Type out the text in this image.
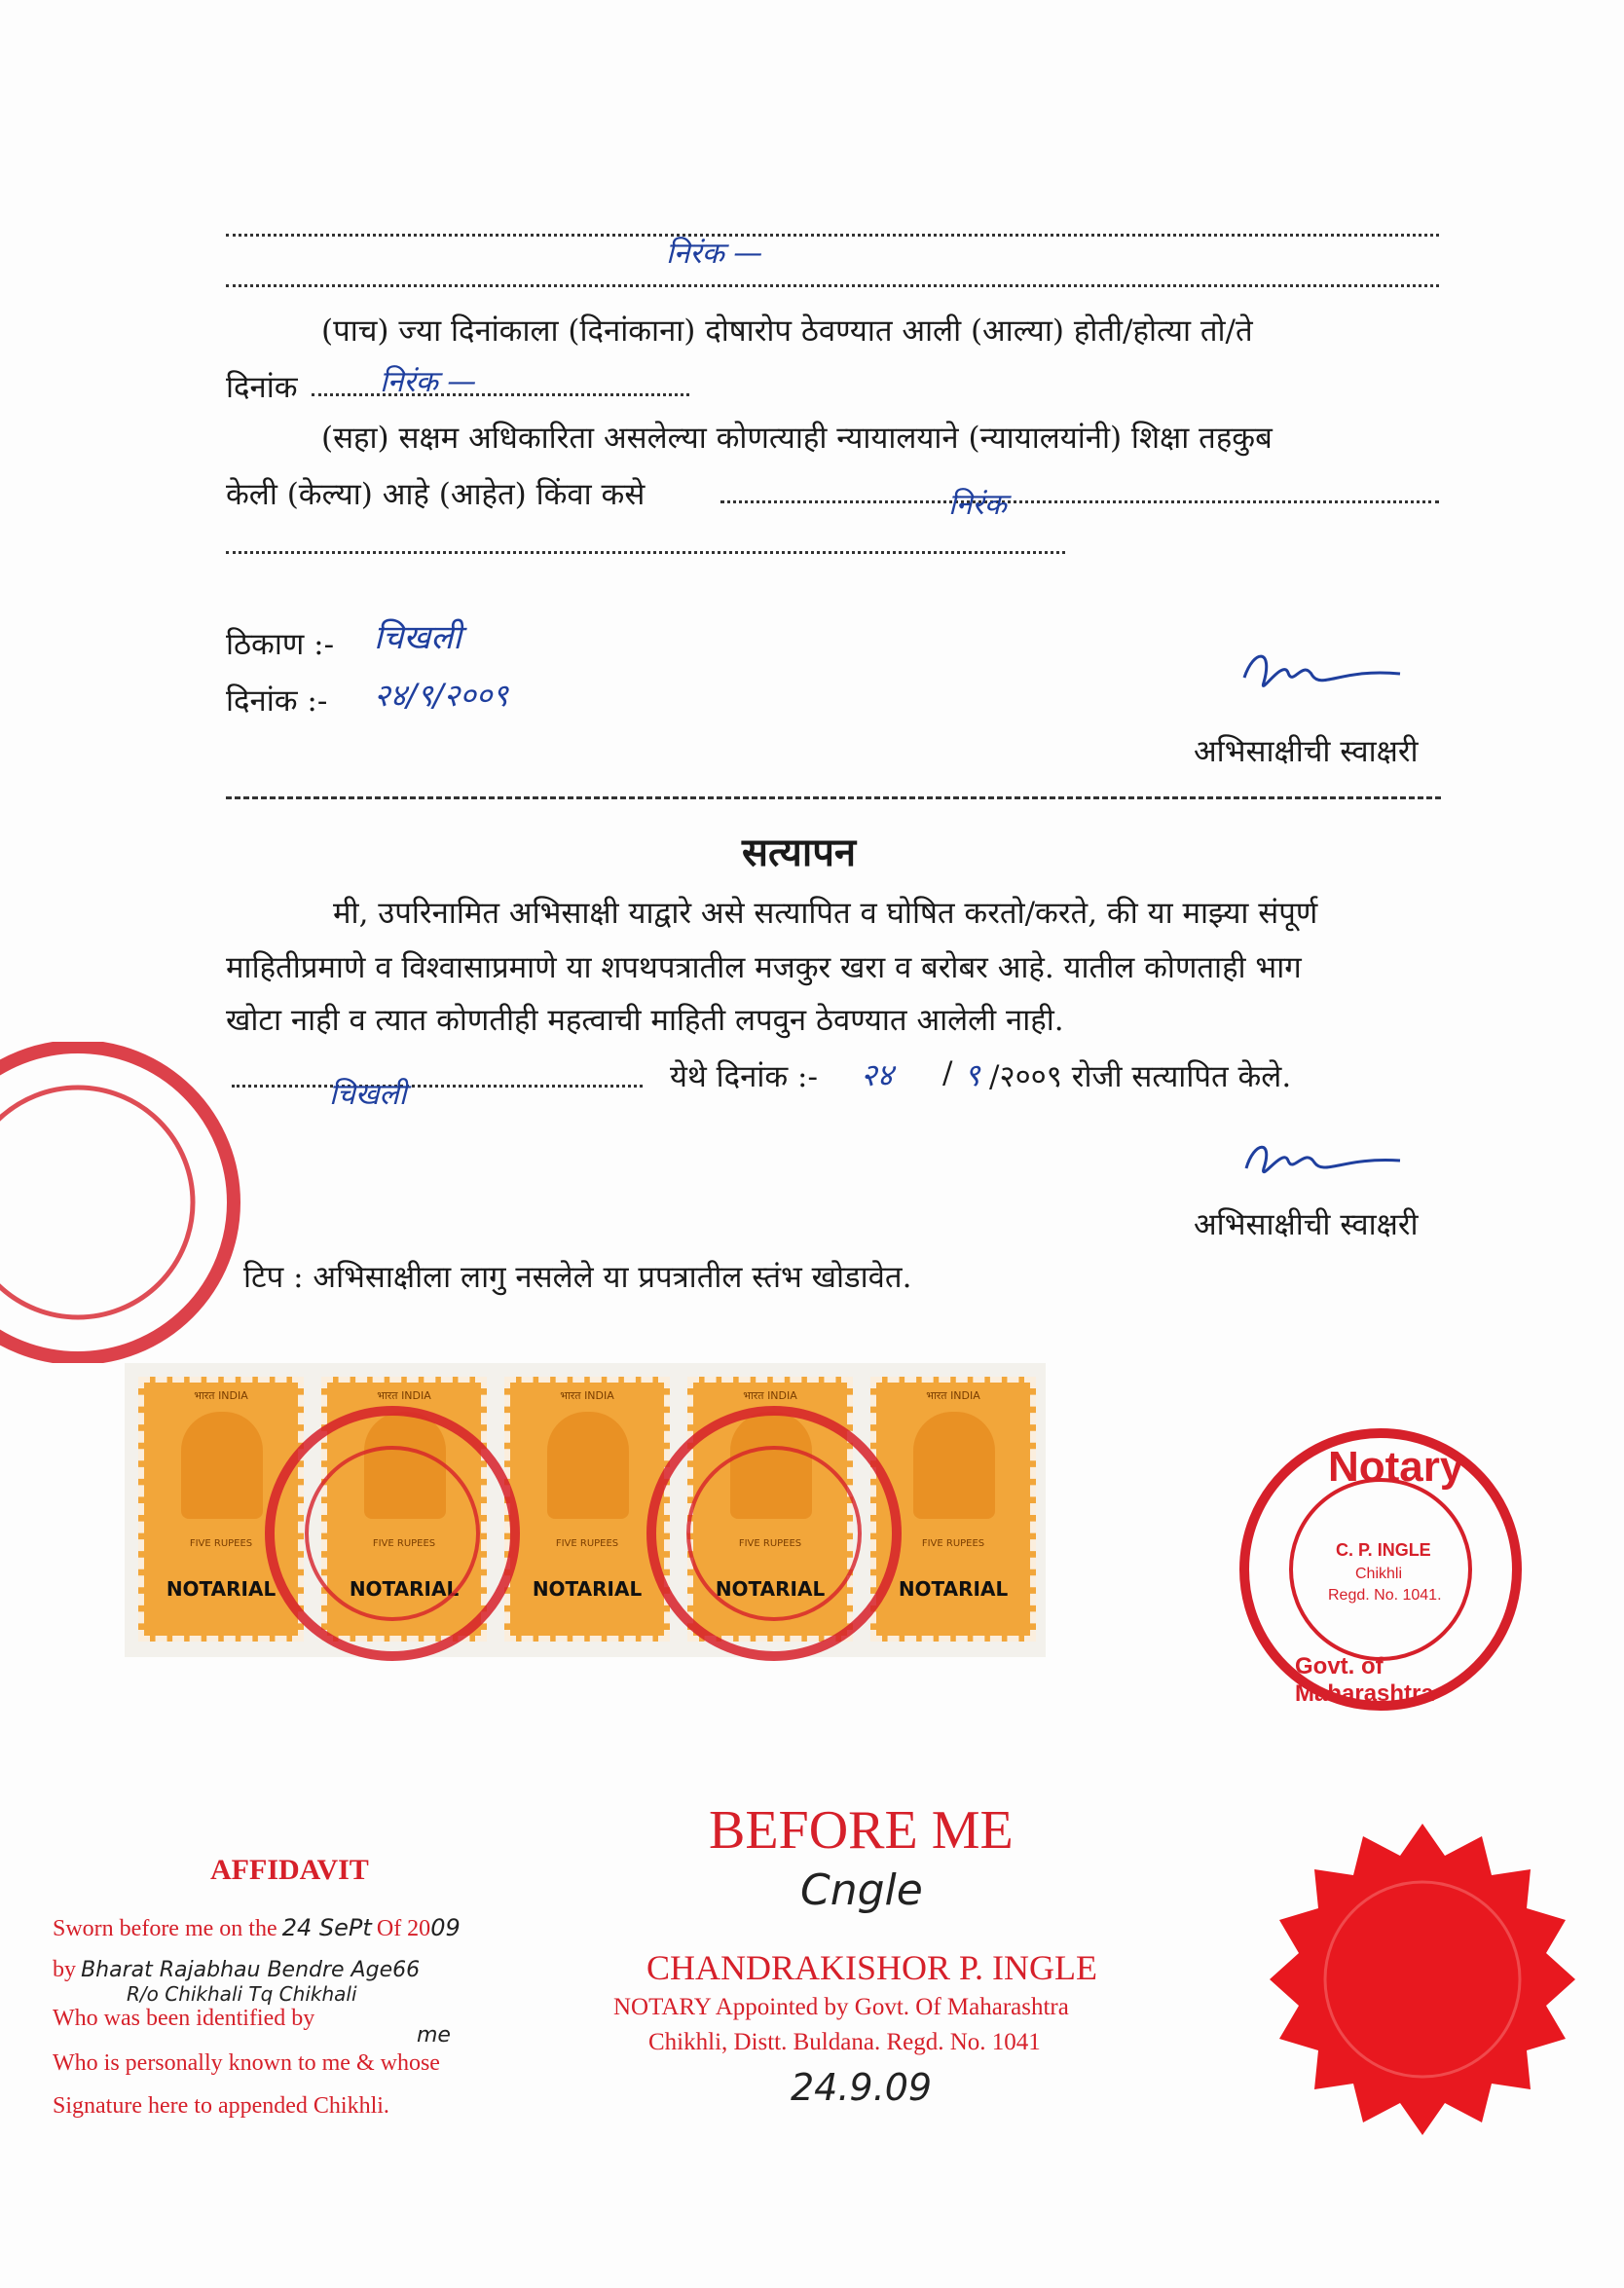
निरंक —
(पाच) ज्या दिनांकाला (दिनांकाना) दोषारोप ठेवण्यात आली (आल्या) होती/होत्या तो/ते
दिनांक	निरंक —
(सहा) सक्षम अधिकारिता असलेल्या कोणत्याही न्यायालयाने (न्यायालयांनी) शिक्षा तहकुब
केली (केल्या) आहे (आहेत) किंवा कसे	निरंक
ठिकाण :- चिखली
दिनांक :- २४/९/२००९
अभिसाक्षीची स्वाक्षरी
सत्यापन
मी, उपरिनामित अभिसाक्षी याद्वारे असे सत्यापित व घोषित करतो/करते, की या माझ्या संपूर्ण
माहितीप्रमाणे व विश्वासाप्रमाणे या शपथपत्रातील मजकुर खरा व बरोबर आहे. यातील कोणताही भाग
खोटा नाही व त्यात कोणतीही महत्वाची माहिती लपवुन ठेवण्यात आलेली नाही.
चिखली
येथे दिनांक :- २४ / ९ /२००९ रोजी सत्यापित केले.
अभिसाक्षीची स्वाक्षरी
टिप : अभिसाक्षीला लागु नसलेले या प्रपत्रातील स्तंभ खोडावेत.
भारत INDIA
FIVE RUPEES
NOTARIAL
भारत INDIA
FIVE RUPEES
NOTARIAL
भारत INDIA
FIVE RUPEES
NOTARIAL
भारत INDIA
FIVE RUPEES
NOTARIAL
भारत INDIA
FIVE RUPEES
NOTARIAL
Notary
C. P. INGLE
Chikhli
Regd. No. 1041.
Govt. of Maharashtra
BEFORE ME
Cngle
CHANDRAKISHOR P. INGLE
NOTARY Appointed by Govt. Of Maharashtra
Chikhli, Distt. Buldana. Regd. No. 1041
24.9.09
AFFIDAVIT
Sworn before me on the 24 SePt Of 2009
by Bharat Rajabhau Bendre Age66
R/o Chikhali Tq Chikhali
Who was been identified by
me
Who is personally known to me & whose
Signature here to appended Chikhli.
